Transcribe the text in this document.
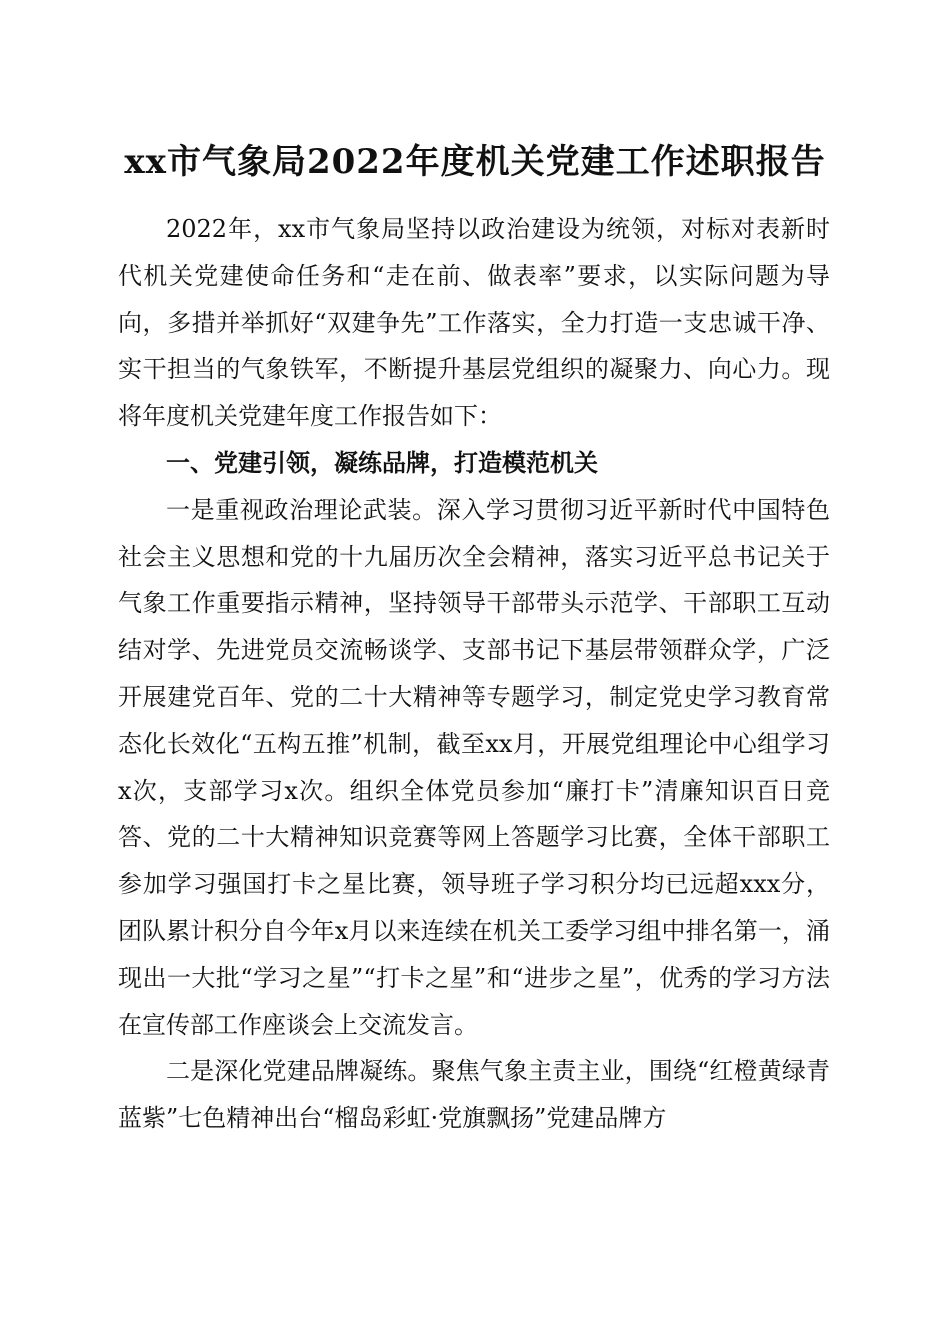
xx市气象局2022年度机关党建工作述职报告

2022年，xx市气象局坚持以政治建设为统领，对标对表新时代机关党建使命任务和“走在前、做表率”要求，以实际问题为导向，多措并举抓好“双建争先”工作落实，全力打造一支忠诚干净、实干担当的气象铁军，不断提升基层党组织的凝聚力、向心力。现将年度机关党建年度工作报告如下：

一、党建引领，凝练品牌，打造模范机关

一是重视政治理论武装。深入学习贯彻习近平新时代中国特色社会主义思想和党的十九届历次全会精神，落实习近平总书记关于气象工作重要指示精神，坚持领导干部带头示范学、干部职工互动结对学、先进党员交流畅谈学、支部书记下基层带领群众学，广泛开展建党百年、党的二十大精神等专题学习，制定党史学习教育常态化长效化“五构五推”机制，截至xx月，开展党组理论中心组学习x次，支部学习x次。组织全体党员参加“廉打卡”清廉知识百日竞答、党的二十大精神知识竞赛等网上答题学习比赛，全体干部职工参加学习强国打卡之星比赛，领导班子学习积分均已远超xxx分，团队累计积分自今年x月以来连续在机关工委学习组中排名第一，涌现出一大批“学习之星”“打卡之星”和“进步之星”，优秀的学习方法在宣传部工作座谈会上交流发言。

二是深化党建品牌凝练。聚焦气象主责主业，围绕“红橙黄绿青蓝紫”七色精神出台“榴岛彩虹·党旗飘扬”党建品牌方
